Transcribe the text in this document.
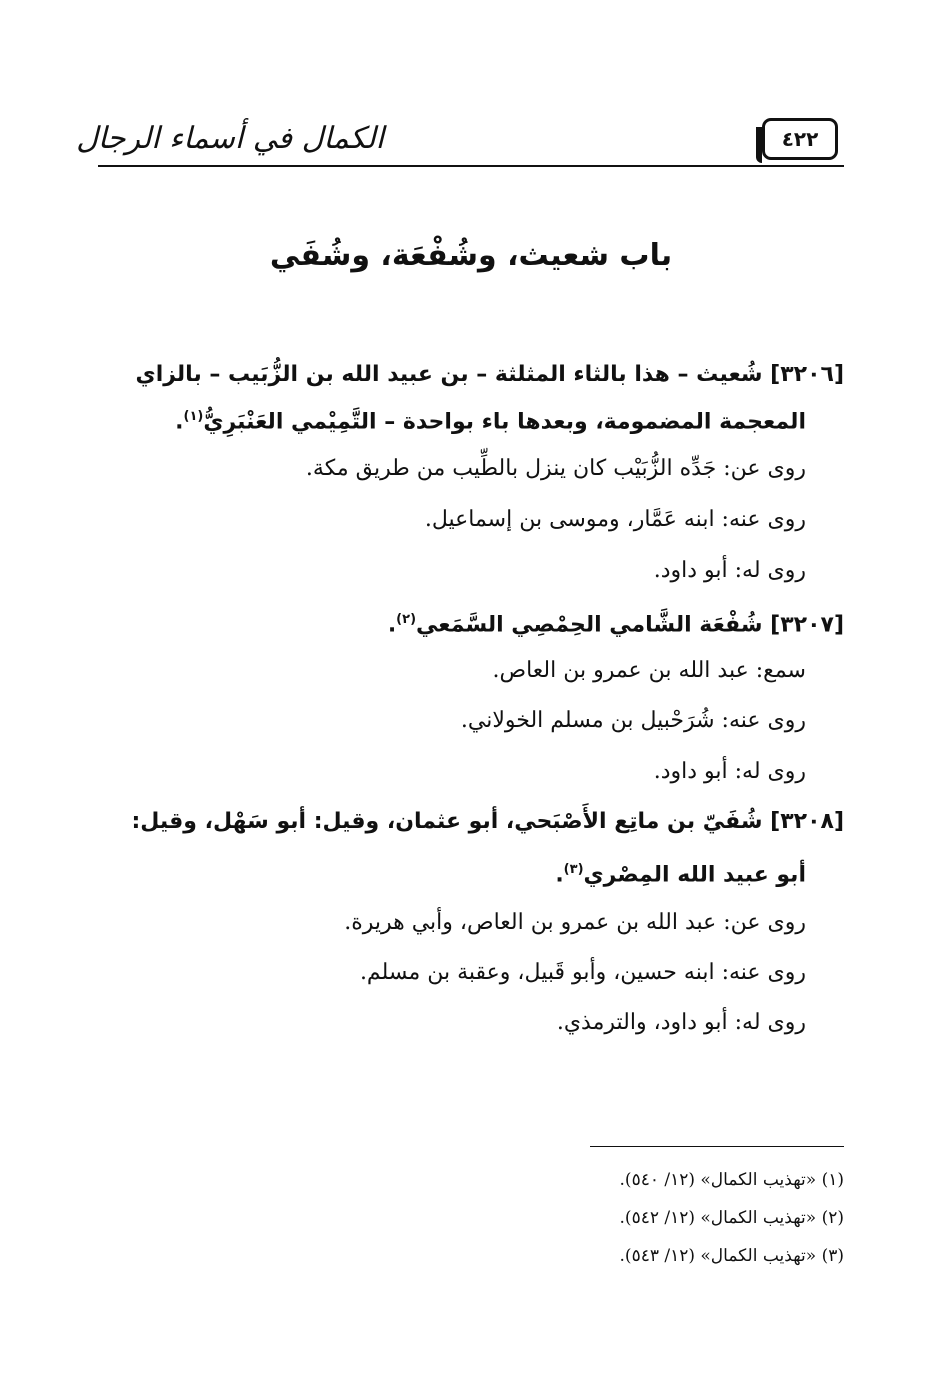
٤٢٢
الكمال في أسماء الرجال
باب شعيث، وشُفْعَة، وشُفَي
[٣٢٠٦] شُعيث – هذا بالثاء المثلثة – بن عبيد الله بن الزُّبَيب – بالزاي
المعجمة المضمومة، وبعدها باء بواحدة – التَّمِيْمي العَنْبَرِيُّ$^{(١)}$.
روى عن: جَدِّه الزُّبَيْب كان ينزل بالطِّيب من طريق مكة.
روى عنه: ابنه عَمَّار، وموسى بن إسماعيل.
روى له: أبو داود.
[٣٢٠٧] شُفْعَة الشَّامي الحِمْصِي السَّمَعي$^{(٢)}$.
سمع: عبد الله بن عمرو بن العاص.
روى عنه: شُرَحْبيل بن مسلم الخولاني.
روى له: أبو داود.
[٣٢٠٨] شُفَيّ بن ماتِع الأَصْبَحي، أبو عثمان، وقيل: أبو سَهْل، وقيل:
أبو عبيد الله المِصْري$^{(٣)}$.
روى عن: عبد الله بن عمرو بن العاص، وأبي هريرة.
روى عنه: ابنه حسين، وأبو قَبيل، وعقبة بن مسلم.
روى له: أبو داود، والترمذي.
(١) «تهذيب الكمال» (١٢/ ٥٤٠).
(٢) «تهذيب الكمال» (١٢/ ٥٤٢).
(٣) «تهذيب الكمال» (١٢/ ٥٤٣).
